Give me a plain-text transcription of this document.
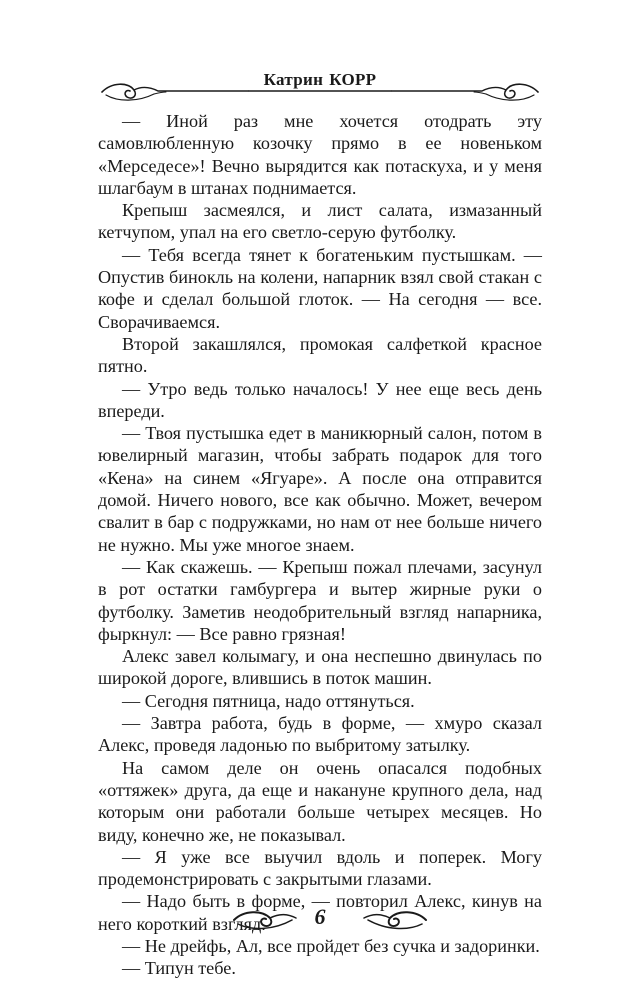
Катрин КОРР

— Иной раз мне хочется отодрать эту самовлюбленную козочку прямо в ее новеньком «Мерседесе»! Вечно вырядится как потаскуха, и у меня шлагбаум в штанах поднимается.

Крепыш засмеялся, и лист салата, измазанный кетчупом, упал на его светло-серую футболку.

— Тебя всегда тянет к богатеньким пустышкам. — Опустив бинокль на колени, напарник взял свой стакан с кофе и сделал большой глоток. — На сегодня — все. Сворачиваемся.

Второй закашлялся, промокая салфеткой красное пятно.

— Утро ведь только началось! У нее еще весь день впереди.

— Твоя пустышка едет в маникюрный салон, потом в ювелирный магазин, чтобы забрать подарок для того «Кена» на синем «Ягуаре». А после она отправится домой. Ничего нового, все как обычно. Может, вечером свалит в бар с подружками, но нам от нее больше ничего не нужно. Мы уже многое знаем.

— Как скажешь. — Крепыш пожал плечами, засунул в рот остатки гамбургера и вытер жирные руки о футболку. Заметив неодобрительный взгляд напарника, фыркнул: — Все равно грязная!

Алекс завел колымагу, и она неспешно двинулась по широкой дороге, влившись в поток машин.

— Сегодня пятница, надо оттянуться.

— Завтра работа, будь в форме, — хмуро сказал Алекс, проведя ладонью по выбритому затылку.

На самом деле он очень опасался подобных «оттяжек» друга, да еще и накануне крупного дела, над которым они работали больше четырех месяцев. Но виду, конечно же, не показывал.

— Я уже все выучил вдоль и поперек. Могу продемонстрировать с закрытыми глазами.

— Надо быть в форме, — повторил Алекс, кинув на него короткий взгляд.

— Не дрейфь, Ал, все пройдет без сучка и задоринки.

— Типун тебе.

6
